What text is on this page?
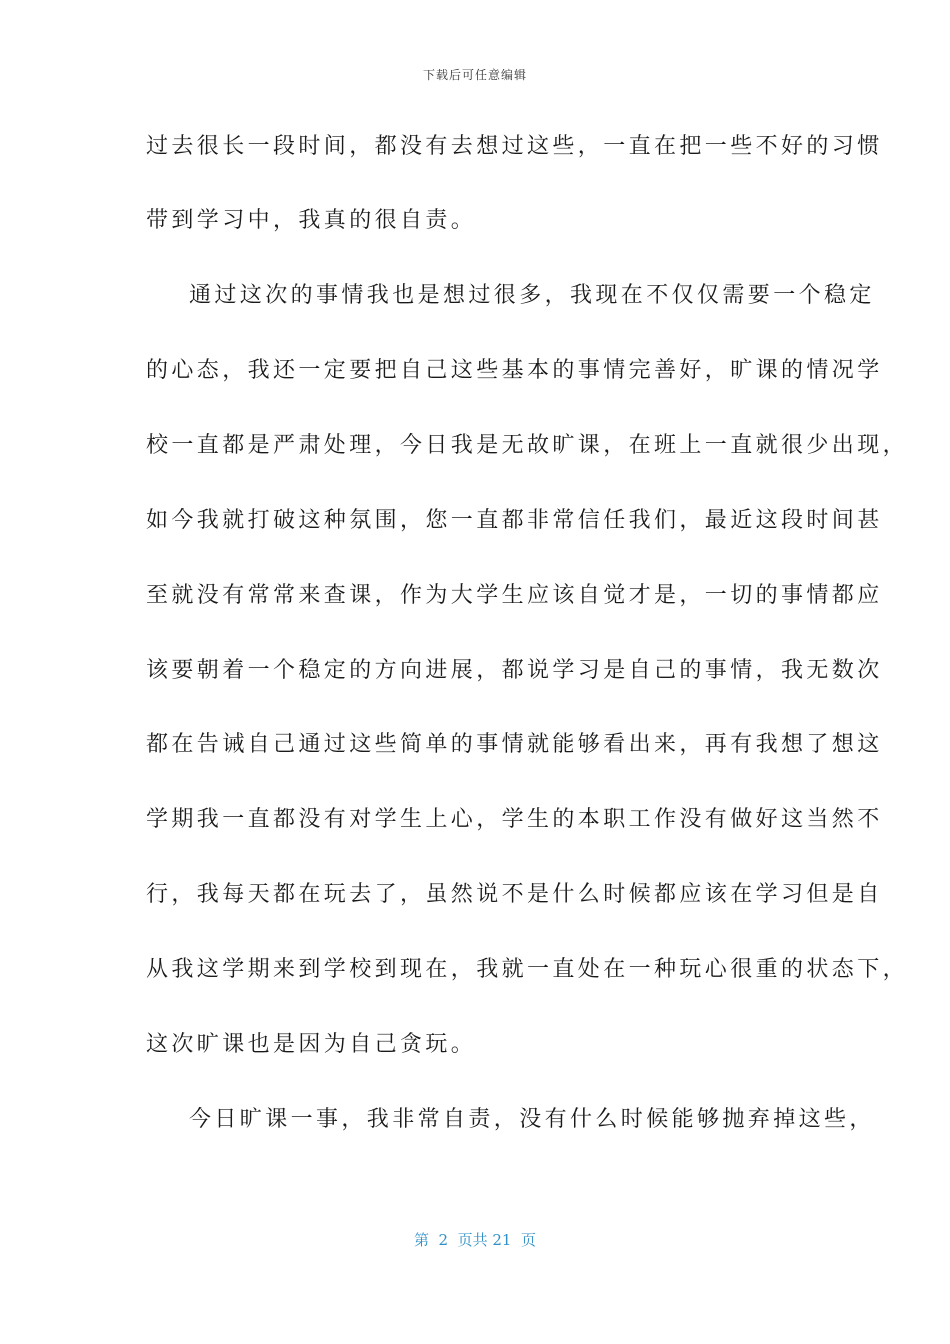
下载后可任意编辑
过去很长一段时间，都没有去想过这些，一直在把一些不好的习惯
带到学习中，我真的很自责。
通过这次的事情我也是想过很多，我现在不仅仅需要一个稳定
的心态，我还一定要把自己这些基本的事情完善好，旷课的情况学
校一直都是严肃处理，今日我是无故旷课，在班上一直就很少出现，
如今我就打破这种氛围，您一直都非常信任我们，最近这段时间甚
至就没有常常来查课，作为大学生应该自觉才是，一切的事情都应
该要朝着一个稳定的方向进展，都说学习是自己的事情，我无数次
都在告诫自己通过这些简单的事情就能够看出来，再有我想了想这
学期我一直都没有对学生上心，学生的本职工作没有做好这当然不
行，我每天都在玩去了，虽然说不是什么时候都应该在学习但是自
从我这学期来到学校到现在，我就一直处在一种玩心很重的状态下，
这次旷课也是因为自己贪玩。
今日旷课一事，我非常自责，没有什么时候能够抛弃掉这些，
第  2  页共 21  页
